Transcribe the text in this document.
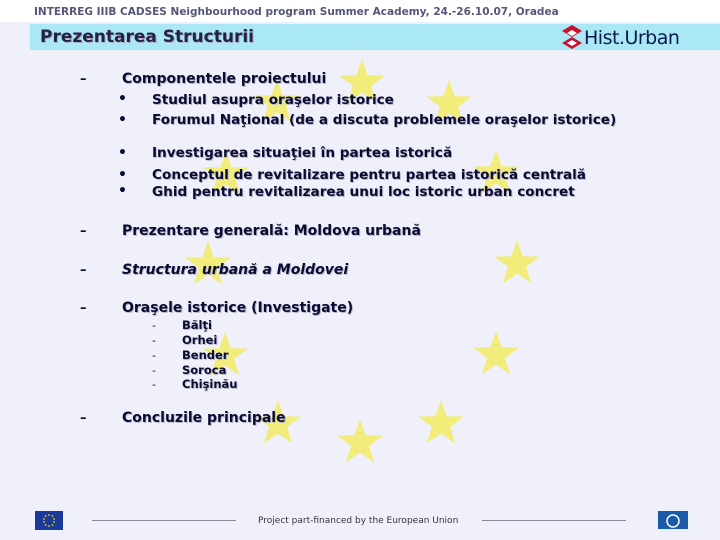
INTERREG IIIB CADSES Neighbourhood program Summer Academy, 24.-26.10.07, Oradea
Prezentarea Structurii	Hist.Urban
–	Componentele proiectului
• Studiul asupra oraşelor istorice
• Forumul Naţional (de a discuta problemele oraşelor istorice)
• Investigarea situaţiei în partea istorică
• Conceptul de revitalizare pentru partea istorică centrală
• Ghid pentru revitalizarea unui loc istoric urban concret
–	Prezentare generală: Moldova urbană
–	Structura urbană a Moldovei
–	Oraşele istorice (Investigate)
- Bălţi
- Orhei
- Bender
- Soroca
- Chişinău
–	Concluzile principale
Project part-financed by the European Union
